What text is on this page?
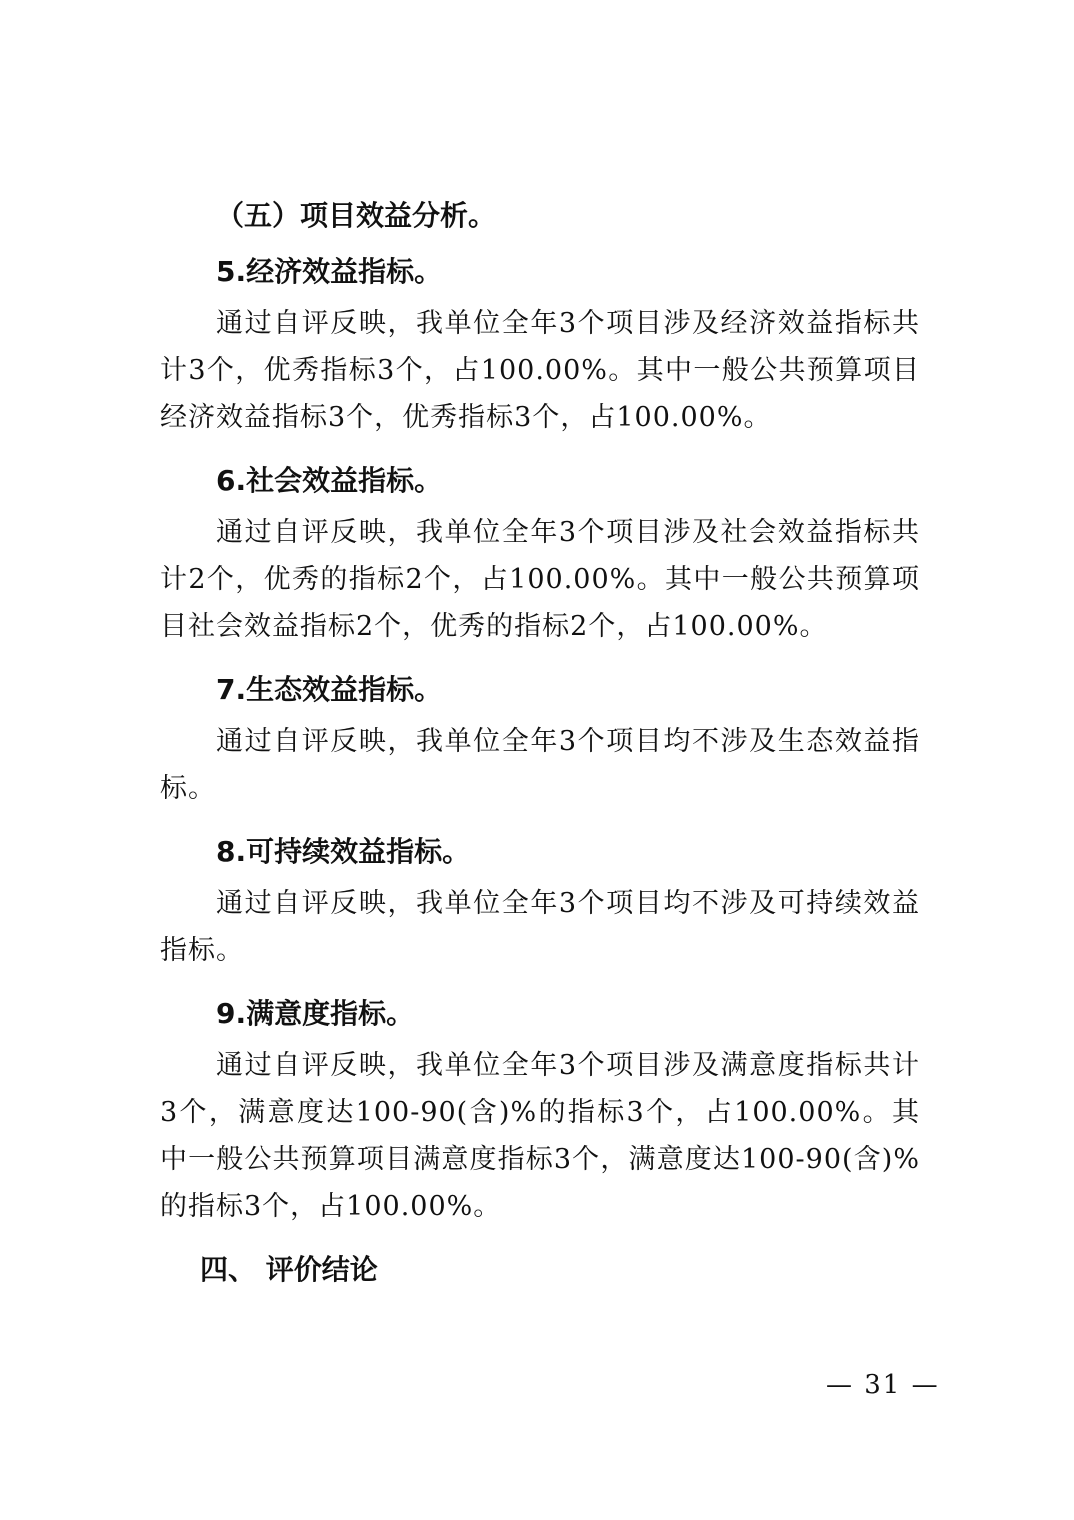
（五）项目效益分析。

5.经济效益指标。

通过自评反映，我单位全年3个项目涉及经济效益指标共计3个，优秀指标3个，占100.00%。其中一般公共预算项目经济效益指标3个，优秀指标3个，占100.00%。

6.社会效益指标。

通过自评反映，我单位全年3个项目涉及社会效益指标共计2个，优秀的指标2个，占100.00%。其中一般公共预算项目社会效益指标2个，优秀的指标2个，占100.00%。

7.生态效益指标。

通过自评反映，我单位全年3个项目均不涉及生态效益指标。

8.可持续效益指标。

通过自评反映，我单位全年3个项目均不涉及可持续效益指标。

9.满意度指标。

通过自评反映，我单位全年3个项目涉及满意度指标共计3个，满意度达100-90(含)%的指标3个，占100.00%。其中一般公共预算项目满意度指标3个，满意度达100-90(含)%的指标3个，占100.00%。

四、 评价结论

— 31 —
